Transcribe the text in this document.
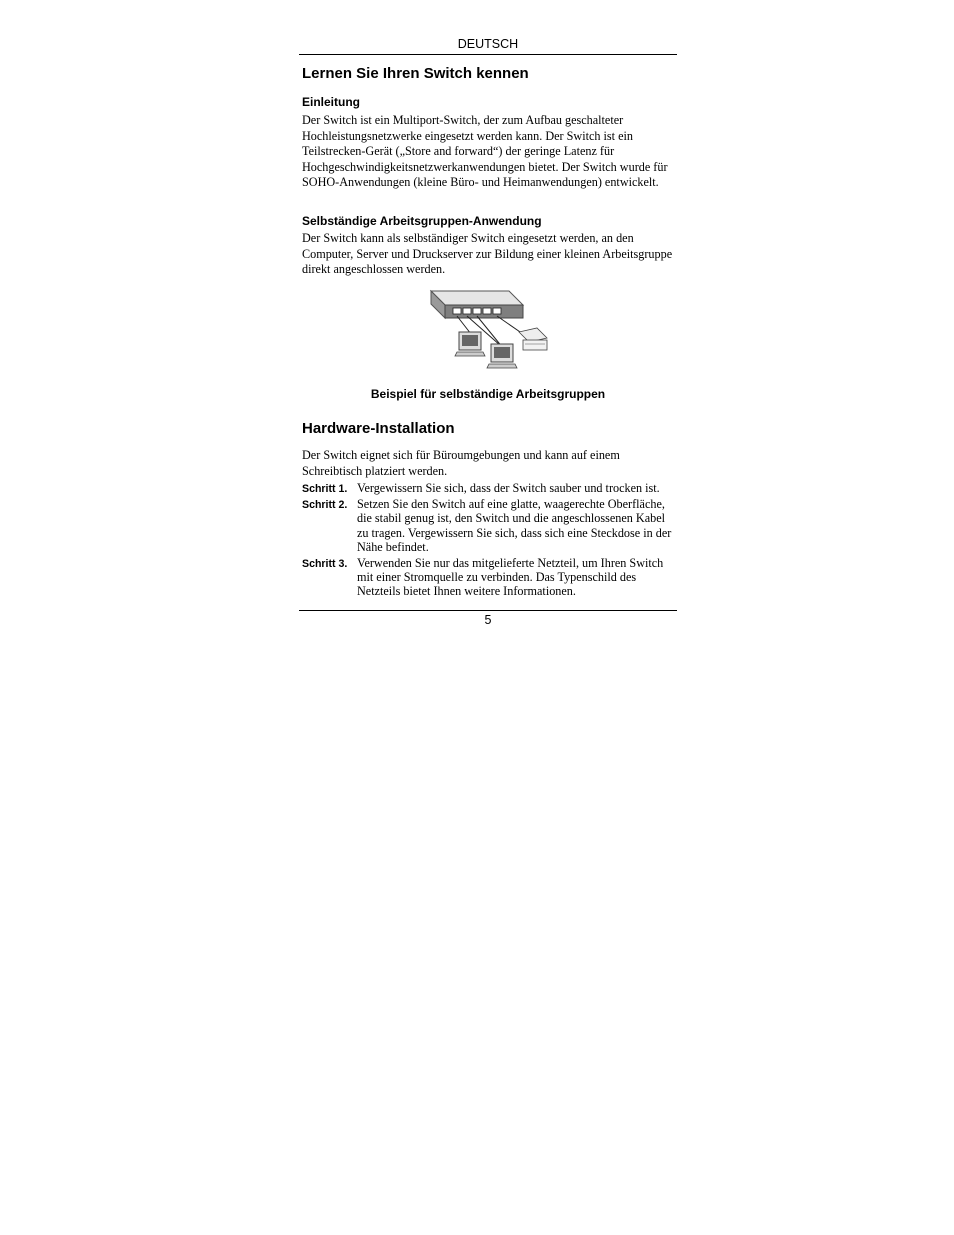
DEUTSCH
Lernen Sie Ihren Switch kennen
Einleitung

Der Switch ist ein Multiport-Switch, der zum Aufbau geschalteter Hochleistungsnetzwerke eingesetzt werden kann. Der Switch ist ein Teilstrecken-Gerät („Store and forward“) der geringe Latenz für Hochgeschwindigkeitsnetzwerkanwendungen bietet. Der Switch wurde für SOHO-Anwendungen (kleine Büro- und Heimanwendungen) entwickelt.

Selbständige Arbeitsgruppen-Anwendung

Der Switch kann als selbständiger Switch eingesetzt werden, an den Computer, Server und Druckserver zur Bildung einer kleinen Arbeitsgruppe direkt angeschlossen werden.

Beispiel für selbständige Arbeitsgruppen
Hardware-Installation

Der Switch eignet sich für Büroumgebungen und kann auf einem Schreibtisch platziert werden.

Schritt 1. Vergewissern Sie sich, dass der Switch sauber und trocken ist.
Schritt 2. Setzen Sie den Switch auf eine glatte, waagerechte Oberfläche, die stabil genug ist, den Switch und die angeschlossenen Kabel zu tragen. Vergewissern Sie sich, dass sich eine Steckdose in der Nähe befindet.
Schritt 3. Verwenden Sie nur das mitgelieferte Netzteil, um Ihren Switch mit einer Stromquelle zu verbinden. Das Typenschild des Netzteils bietet Ihnen weitere Informationen.
5
